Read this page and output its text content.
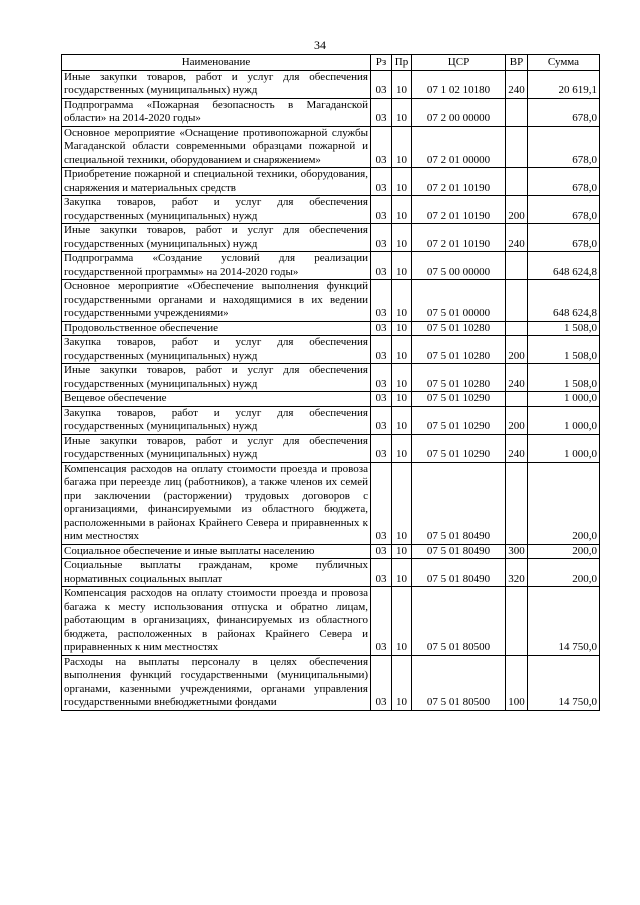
34
Наименование	Рз	Пр	ЦСР	ВР	Сумма
Иные закупки товаров, работ и услуг для обеспечения государственных (муниципальных) нужд	03	10	07 1 02 10180	240	20 619,1
Подпрограмма «Пожарная безопасность в Магаданской области» на 2014-2020 годы»	03	10	07 2 00 00000		678,0
Основное мероприятие «Оснащение противопожарной службы Магаданской области современными образцами пожарной и специальной техники, оборудованием и снаряжением»	03	10	07 2 01 00000		678,0
Приобретение пожарной и специальной техники, оборудования, снаряжения и материальных средств	03	10	07 2 01 10190		678,0
Закупка товаров, работ и услуг для обеспечения государственных (муниципальных) нужд	03	10	07 2 01 10190	200	678,0
Иные закупки товаров, работ и услуг для обеспечения государственных (муниципальных) нужд	03	10	07 2 01 10190	240	678,0
Подпрограмма «Создание условий для реализации государственной программы» на 2014-2020 годы»	03	10	07 5 00 00000		648 624,8
Основное мероприятие «Обеспечение выполнения функций государственными органами и находящимися в их ведении государственными учреждениями»	03	10	07 5 01 00000		648 624,8
Продовольственное обеспечение	03	10	07 5 01 10280		1 508,0
Закупка товаров, работ и услуг для обеспечения государственных (муниципальных) нужд	03	10	07 5 01 10280	200	1 508,0
Иные закупки товаров, работ и услуг для обеспечения государственных (муниципальных) нужд	03	10	07 5 01 10280	240	1 508,0
Вещевое обеспечение	03	10	07 5 01 10290		1 000,0
Закупка товаров, работ и услуг для обеспечения государственных (муниципальных) нужд	03	10	07 5 01 10290	200	1 000,0
Иные закупки товаров, работ и услуг для обеспечения государственных (муниципальных) нужд	03	10	07 5 01 10290	240	1 000,0
Компенсация расходов на оплату стоимости проезда и провоза багажа при переезде лиц (работников), а также членов их семей при заключении (расторжении) трудовых договоров с организациями, финансируемыми из областного бюджета, расположенными в районах Крайнего Севера и приравненных к ним местностях	03	10	07 5 01 80490		200,0
Социальное обеспечение и иные выплаты населению	03	10	07 5 01 80490	300	200,0
Социальные выплаты гражданам, кроме публичных нормативных социальных выплат	03	10	07 5 01 80490	320	200,0
Компенсация расходов на оплату стоимости проезда и провоза багажа к месту использования отпуска и обратно лицам, работающим в организациях, финансируемых из областного бюджета, расположенных в районах Крайнего Севера и приравненных к ним местностях	03	10	07 5 01 80500		14 750,0
Расходы на выплаты персоналу в целях обеспечения выполнения функций государственными (муниципальными) органами, казенными учреждениями, органами управления государственными внебюджетными фондами	03	10	07 5 01 80500	100	14 750,0
